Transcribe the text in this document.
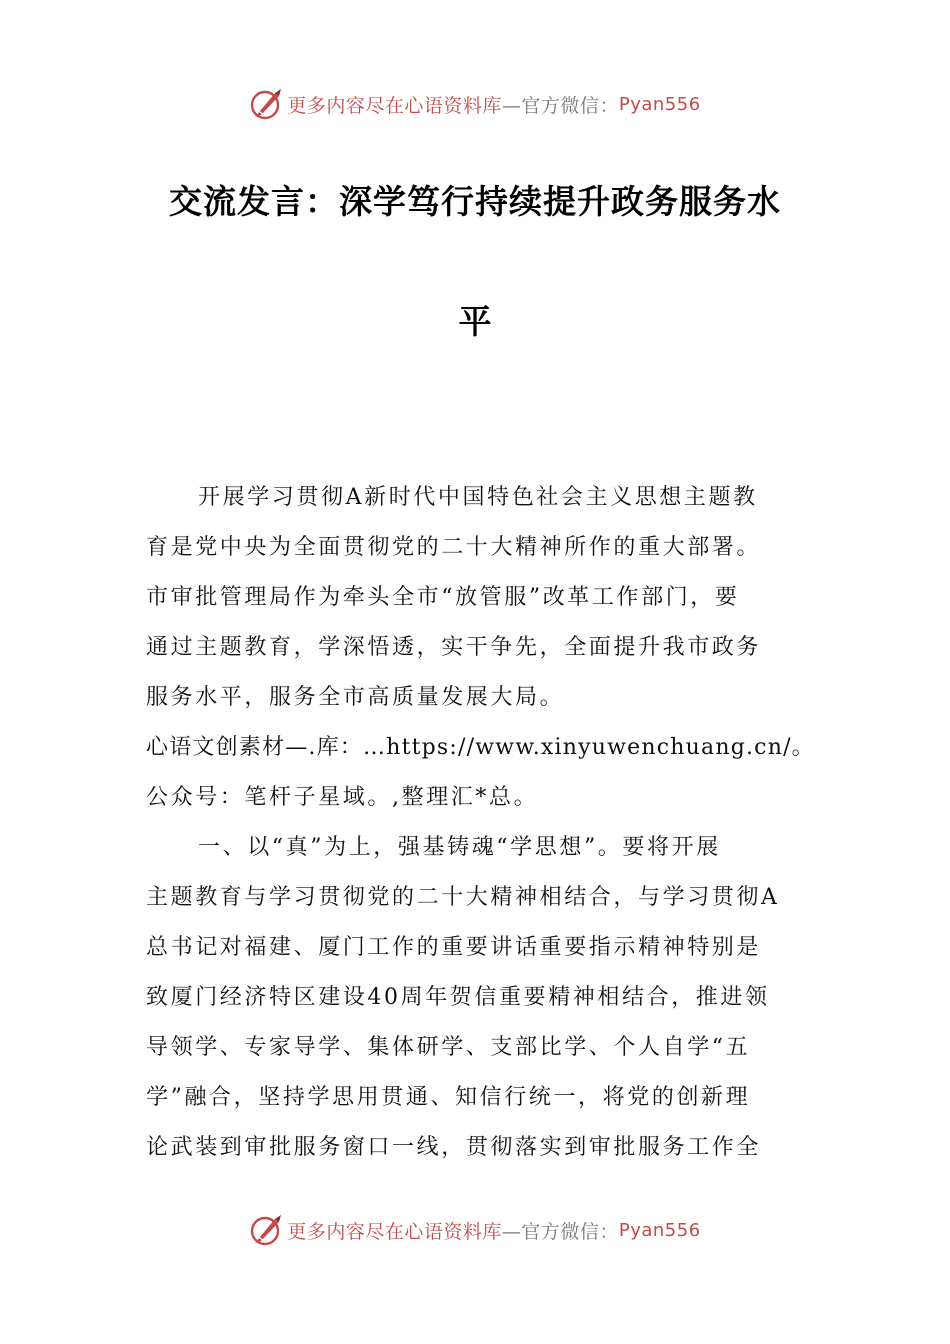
更多内容尽在心语资料库 —官方微信： Pyan556
交流发言：深学笃行持续提升政务服务水
平
开展学习贯彻A新时代中国特色社会主义思想主题教
育是党中央为全面贯彻党的二十大精神所作的重大部署。
市审批管理局作为牵头全市“放管服”改革工作部门，要
通过主题教育，学深悟透，实干争先，全面提升我市政务
服务水平，服务全市高质量发展大局。
心语文创素材—.库：…https://www.xinyuwenchuang.cn/。
公众号：笔杆子星域。,整理汇*总。
一、以“真”为上，强基铸魂“学思想”。要将开展
主题教育与学习贯彻党的二十大精神相结合，与学习贯彻A
总书记对福建、厦门工作的重要讲话重要指示精神特别是
致厦门经济特区建设40周年贺信重要精神相结合，推进领
导领学、专家导学、集体研学、支部比学、个人自学“五
学”融合，坚持学思用贯通、知信行统一，将党的创新理
论武装到审批服务窗口一线，贯彻落实到审批服务工作全
更多内容尽在心语资料库 —官方微信： Pyan556
